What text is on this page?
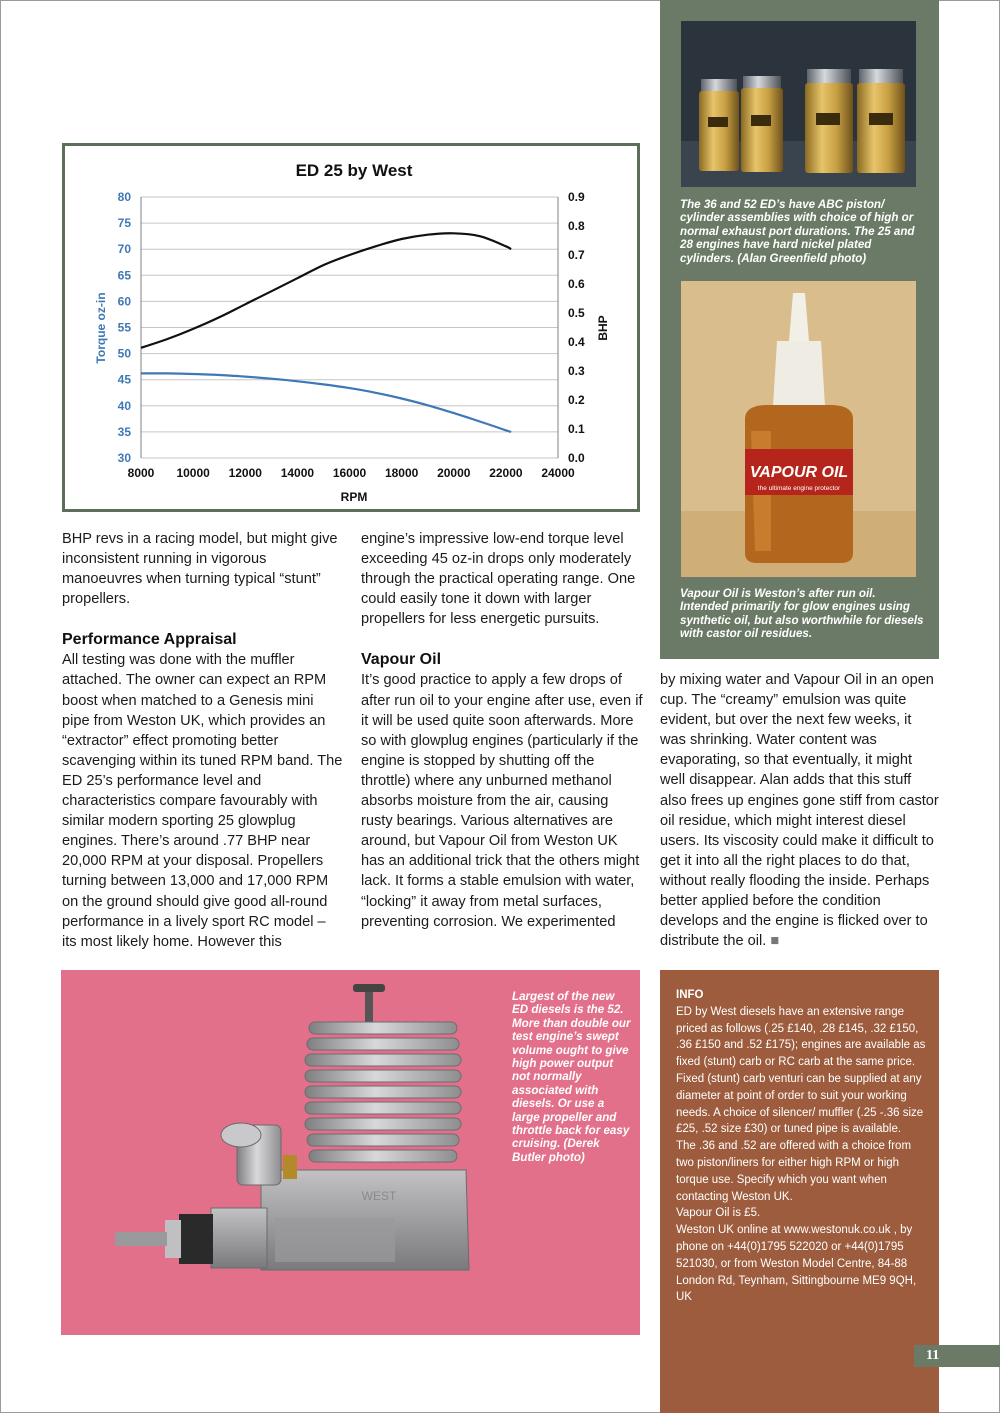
30
35
40
45
50
55
60
65
70
75
80
0.0
0.1
0.2
0.3
0.4
0.5
0.6
0.7
0.8
0.9
8000 10000 12000 14000 16000 18000 20000 22000 24000
ED 25 by West
RPM
Torque oz-in	BHP

BHP revs in a racing model, but might give inconsistent running in vigorous manoeuvres when turning typical “stunt” propellers.

Performance Appraisal

All testing was done with the muffler attached. The owner can expect an RPM boost when matched to a Genesis mini pipe from Weston UK, which provides an “extractor” effect promoting better scavenging within its tuned RPM band. The ED 25’s performance level and characteristics compare favourably with similar modern sporting 25 glowplug engines. There’s around .77 BHP near 20,000 RPM at your disposal. Propellers turning between 13,000 and 17,000 RPM on the ground should give good all-round performance in a lively sport RC model – its most likely home. However this

engine’s impressive low-end torque level exceeding 45 oz-in drops only moderately through the practical operating range. One could easily tone it down with larger propellers for less energetic pursuits.

Vapour Oil

It’s good practice to apply a few drops of after run oil to your engine after use, even if it will be used quite soon afterwards. More so with glowplug engines (particularly if the engine is stopped by shutting off the throttle) where any unburned methanol absorbs moisture from the air, causing rusty bearings. Various alternatives are around, but Vapour Oil from Weston UK has an additional trick that the others might lack. It forms a stable emulsion with water, “locking” it away from metal surfaces, preventing corrosion. We experimented

by mixing water and Vapour Oil in an open cup. The “creamy” emulsion was quite evident, but over the next few weeks, it was shrinking. Water content was evaporating, so that eventually, it might well disappear. Alan adds that this stuff also frees up engines gone stiff from castor oil residue, which might interest diesel users. Its viscosity could make it difficult to get it into all the right places to do that, without really flooding the inside. Perhaps better applied before the condition develops and the engine is flicked over to distribute the oil. ■

The 36 and 52 ED’s have ABC piston/ cylinder assemblies with choice of high or normal exhaust port durations. The 25 and 28 engines have hard nickel plated cylinders. (Alan Greenfield photo)
VAPOUR OIL
the ultimate engine protector
Vapour Oil is Weston’s after run oil. Intended primarily for glow engines using synthetic oil, but also worthwhile for diesels with castor oil residues.
WEST
Largest of the new ED diesels is the 52. More than double our test engine’s swept volume ought to give high power output not normally associated with diesels. Or use a large propeller and throttle back for easy cruising. (Derek Butler photo)

INFO

ED by West diesels have an extensive range priced as follows (.25 £140, .28 £145, .32 £150, .36 £150 and .52 £175); engines are available as fixed (stunt) carb or RC carb at the same price. Fixed (stunt) carb venturi can be supplied at any diameter at point of order to suit your working needs. A choice of silencer/ muffler (.25 -.36 size £25, .52 size £30) or tuned pipe is available.

The .36 and .52 are offered with a choice from two piston/liners for either high RPM or high torque use. Specify which you want when contacting Weston UK.

Vapour Oil is £5.

Weston UK online at www.westonuk.co.uk , by phone on +44(0)1795 522020 or +44(0)1795 521030, or from Weston Model Centre, 84-88 London Rd, Teynham, Sittingbourne ME9 9QH, UK

11
